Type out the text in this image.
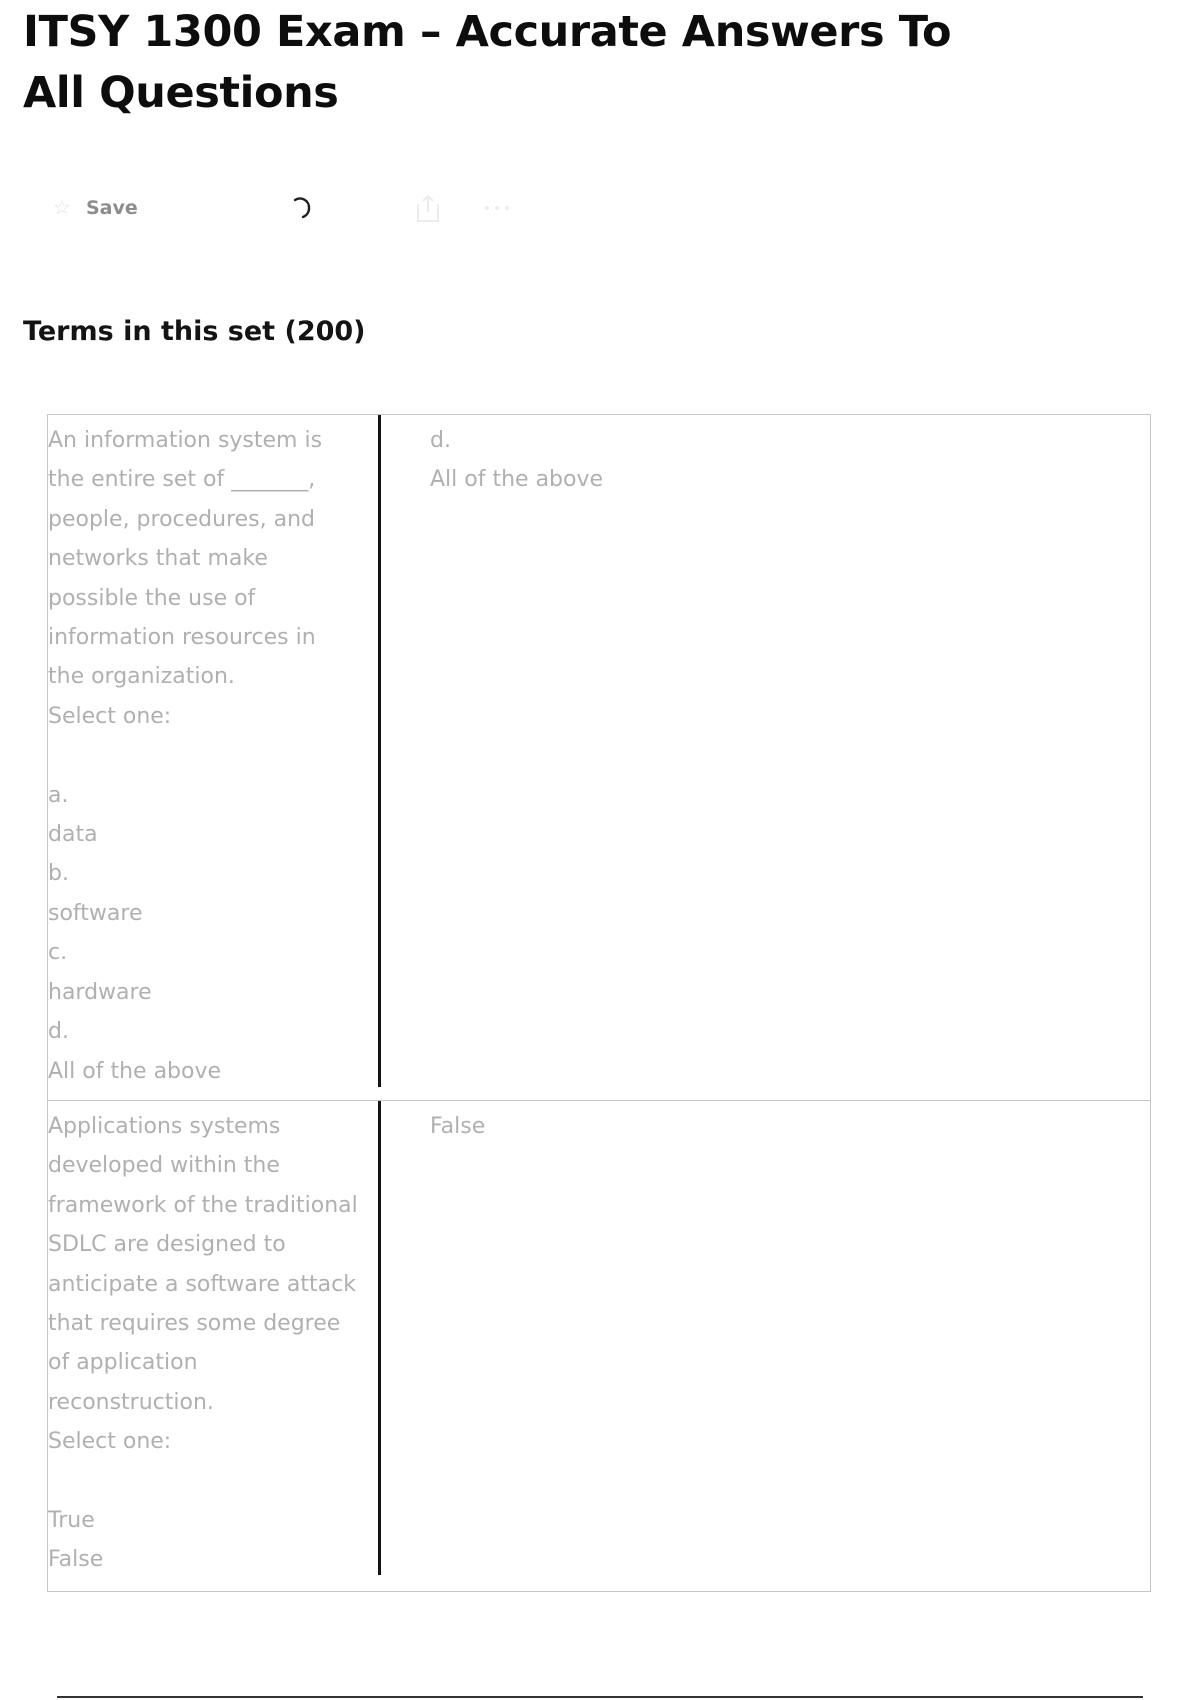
ITSY 1300 Exam – Accurate Answers To All Questions
☆ Save
Terms in this set (200)
An information system is
the entire set of _______,
people, procedures, and
networks that make
possible the use of
information resources in
the organization.
Select one:

a.
data
b.
software
c.
hardware
d.
All of the above
d.
All of the above
Applications systems
developed within the
framework of the traditional
SDLC are designed to
anticipate a software attack
that requires some degree
of application
reconstruction.
Select one:

True
False
False
